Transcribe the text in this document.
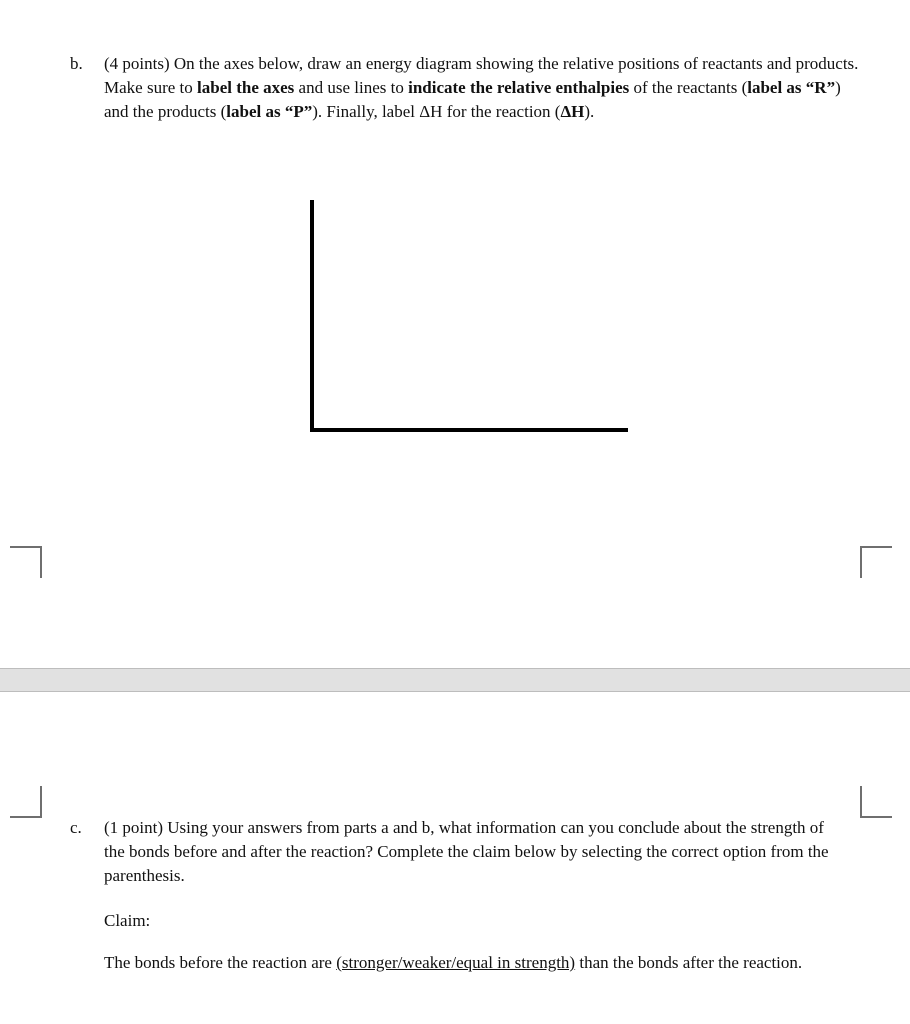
b. (4 points) On the axes below, draw an energy diagram showing the relative positions of reactants and products. Make sure to label the axes and use lines to indicate the relative enthalpies of the reactants (label as “R”) and the products (label as “P”). Finally, label ΔH for the reaction (ΔH).
c. (1 point) Using your answers from parts a and b, what information can you conclude about the strength of the bonds before and after the reaction? Complete the claim below by selecting the correct option from the parenthesis.
Claim:
The bonds before the reaction are (stronger/weaker/equal in strength) than the bonds after the reaction.
